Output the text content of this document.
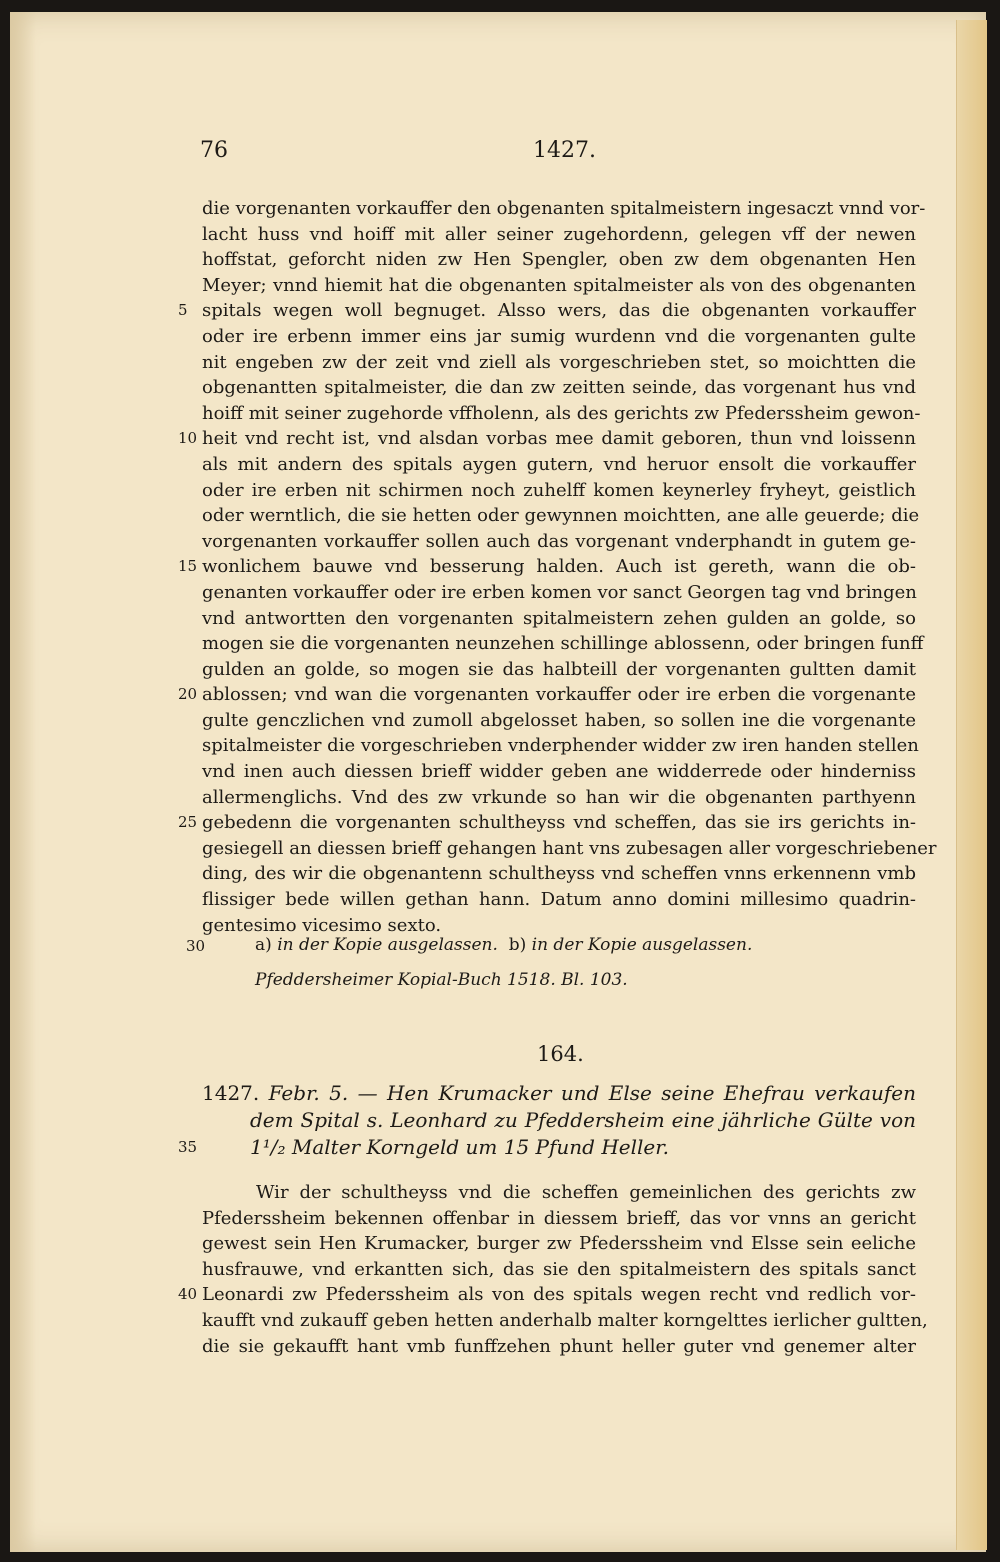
76	1427.
die vorgenanten vorkauffer den obgenanten spitalmeistern ingesaczt vnnd vor-
lacht huss vnd hoiff mit aller seiner zugehordenn, gelegen vff der newen
hoffstat, geforcht niden zw Hen Spengler, oben zw dem obgenanten Hen
Meyer; vnnd hiemit hat die obgenanten spitalmeister als von des obgenanten
5 spitals wegen woll begnuget. Alsso wers, das die obgenanten vorkauffer
oder ire erbenn immer eins jar sumig wurdenn vnd die vorgenanten gulte
nit engeben zw der zeit vnd ziell als vorgeschrieben stet, so moichtten die
obgenantten spitalmeister, die dan zw zeitten seinde, das vorgenant hus vnd
hoiff mit seiner zugehorde vffholenn, als des gerichts zw Pfederssheim gewon-
10 heit vnd recht ist, vnd alsdan vorbas mee damit geboren, thun vnd loissenn
als mit andern des spitals aygen gutern, vnd heruor ensolt die vorkauffer
oder ire erben nit schirmen noch zuhelff komen keynerley fryheyt, geistlich
oder werntlich, die sie hetten oder gewynnen moichtten, ane alle geuerde; die
vorgenanten vorkauffer sollen auch das vorgenant vnderphandt in gutem ge-
15 wonlichem bauwe vnd besserung halden. Auch ist gereth, wann die ob-
genanten vorkauffer oder ire erben komen vor sanct Georgen tag vnd bringen
vnd antwortten den vorgenanten spitalmeistern zehen gulden an golde, so
mogen sie die vorgenanten neunzehen schillinge ablossenn, oder bringen funff
gulden an golde, so mogen sie das halbteill der vorgenanten gultten damit
20 ablossen; vnd wan die vorgenanten vorkauffer oder ire erben die vorgenante
gulte genczlichen vnd zumoll abgelosset haben, so sollen ine die vorgenante
spitalmeister die vorgeschrieben vnderphender widder zw iren handen stellen
vnd inen auch diessen brieff widder geben ane widderrede oder hinderniss
allermenglichs. Vnd des zw vrkunde so han wir die obgenanten parthyenn
25 gebedenn die vorgenanten schultheyss vnd scheffen, das sie irs gerichts in-
gesiegell an diessen brieff gehangen hant vns zubesagen aller vorgeschriebener
ding, des wir die obgenantenn schultheyss vnd scheffen vnns erkennenn vmb
flissiger bede willen gethan hann. Datum anno domini millesimo quadrin-
gentesimo vicesimo sexto.
30	a) in der Kopie ausgelassen. b) in der Kopie ausgelassen.
Pfeddersheimer Kopial-Buch 1518. Bl. 103.
164.
1427. Febr. 5. — Hen Krumacker und Else seine Ehefrau verkaufen
dem Spital s. Leonhard zu Pfeddersheim eine jährliche Gülte von
35	1¹/₂ Malter Korngeld um 15 Pfund Heller.
Wir der schultheyss vnd die scheffen gemeinlichen des gerichts zw
Pfederssheim bekennen offenbar in diessem brieff, das vor vnns an gericht
gewest sein Hen Krumacker, burger zw Pfederssheim vnd Elsse sein eeliche
husfrauwe, vnd erkantten sich, das sie den spitalmeistern des spitals sanct
40 Leonardi zw Pfederssheim als von des spitals wegen recht vnd redlich vor-
kaufft vnd zukauff geben hetten anderhalb malter korngelttes ierlicher gultten,
die sie gekaufft hant vmb funffzehen phunt heller guter vnd genemer alter
